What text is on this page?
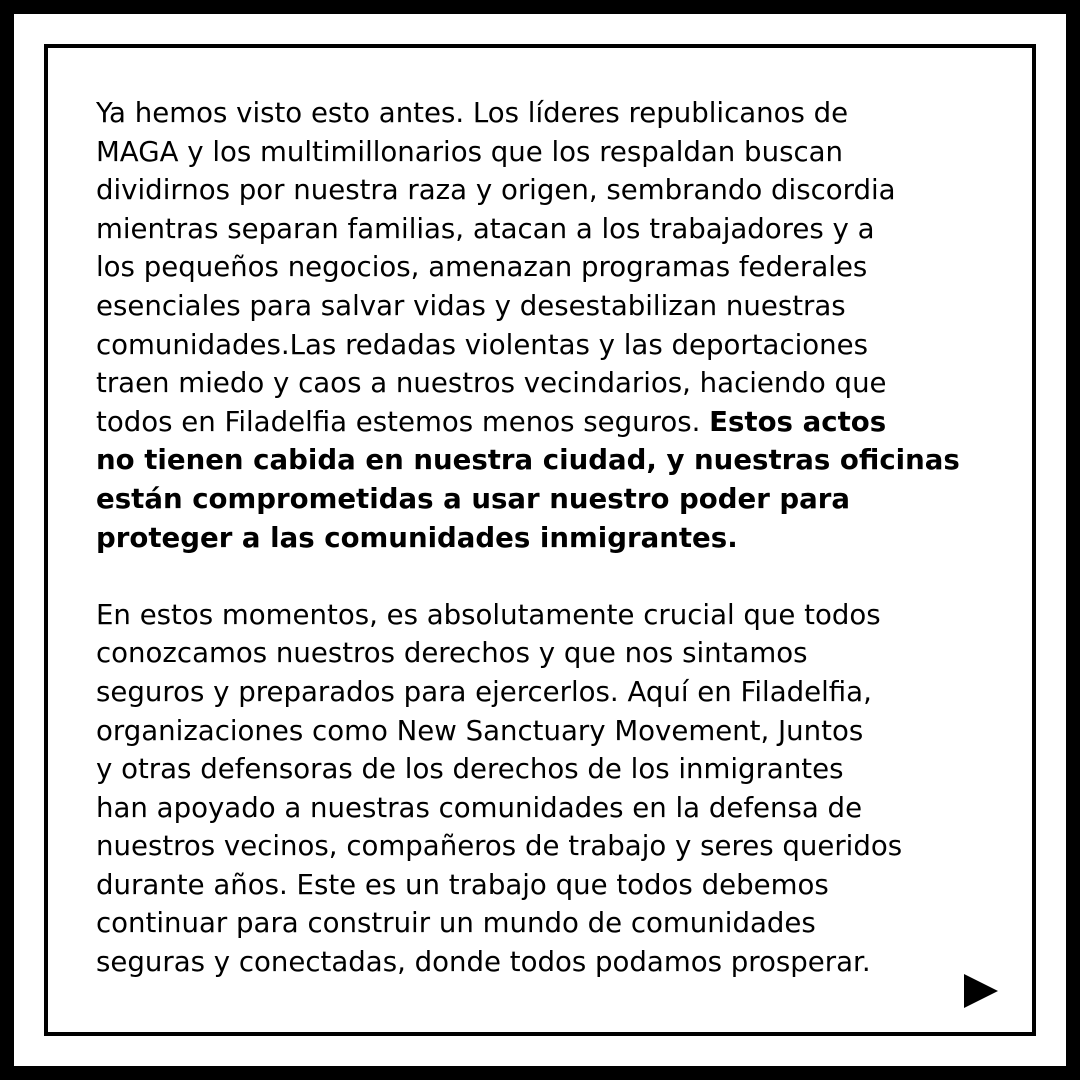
Ya hemos visto esto antes. Los líderes republicanos de
MAGA y los multimillonarios que los respaldan buscan
dividirnos por nuestra raza y origen, sembrando discordia
mientras separan familias, atacan a los trabajadores y a
los pequeños negocios, amenazan programas federales
esenciales para salvar vidas y desestabilizan nuestras
comunidades.Las redadas violentas y las deportaciones
traen miedo y caos a nuestros vecindarios, haciendo que
todos en Filadelfia estemos menos seguros. Estos actos
no tienen cabida en nuestra ciudad, y nuestras oficinas
están comprometidas a usar nuestro poder para
proteger a las comunidades inmigrantes.
En estos momentos, es absolutamente crucial que todos
conozcamos nuestros derechos y que nos sintamos
seguros y preparados para ejercerlos. Aquí en Filadelfia,
organizaciones como New Sanctuary Movement, Juntos
y otras defensoras de los derechos de los inmigrantes
han apoyado a nuestras comunidades en la defensa de
nuestros vecinos, compañeros de trabajo y seres queridos
durante años. Este es un trabajo que todos debemos
continuar para construir un mundo de comunidades
seguras y conectadas, donde todos podamos prosperar.
